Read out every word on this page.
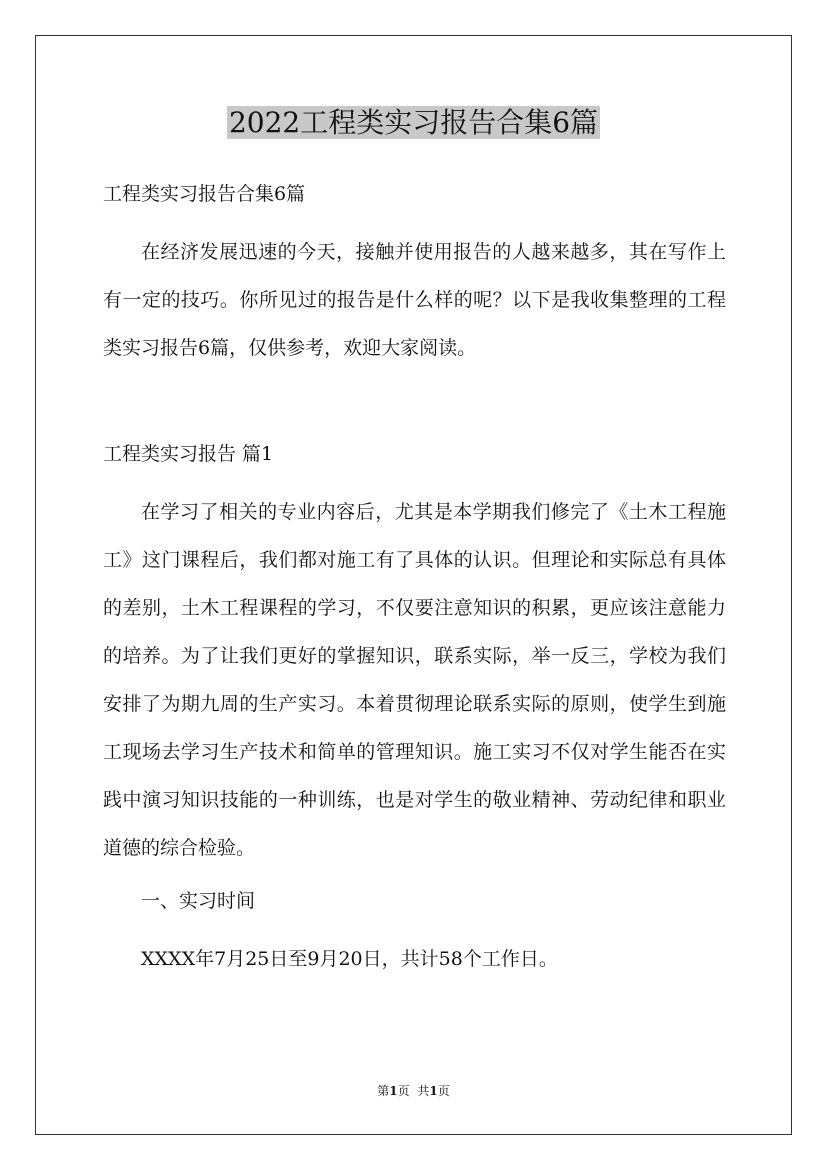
2022工程类实习报告合集6篇

工程类实习报告合集6篇

在经济发展迅速的今天，接触并使用报告的人越来越多，其在写作上有一定的技巧。你所见过的报告是什么样的呢？以下是我收集整理的工程类实习报告6篇，仅供参考，欢迎大家阅读。

工程类实习报告 篇1

在学习了相关的专业内容后，尤其是本学期我们修完了《土木工程施工》这门课程后，我们都对施工有了具体的认识。但理论和实际总有具体的差别，土木工程课程的学习，不仅要注意知识的积累，更应该注意能力的培养。为了让我们更好的掌握知识，联系实际，举一反三，学校为我们安排了为期九周的生产实习。本着贯彻理论联系实际的原则，使学生到施工现场去学习生产技术和简单的管理知识。施工实习不仅对学生能否在实践中演习知识技能的一种训练，也是对学生的敬业精神、劳动纪律和职业道德的综合检验。

一、实习时间

XXXX年7月25日至9月20日，共计58个工作日。

第1页 共1页
